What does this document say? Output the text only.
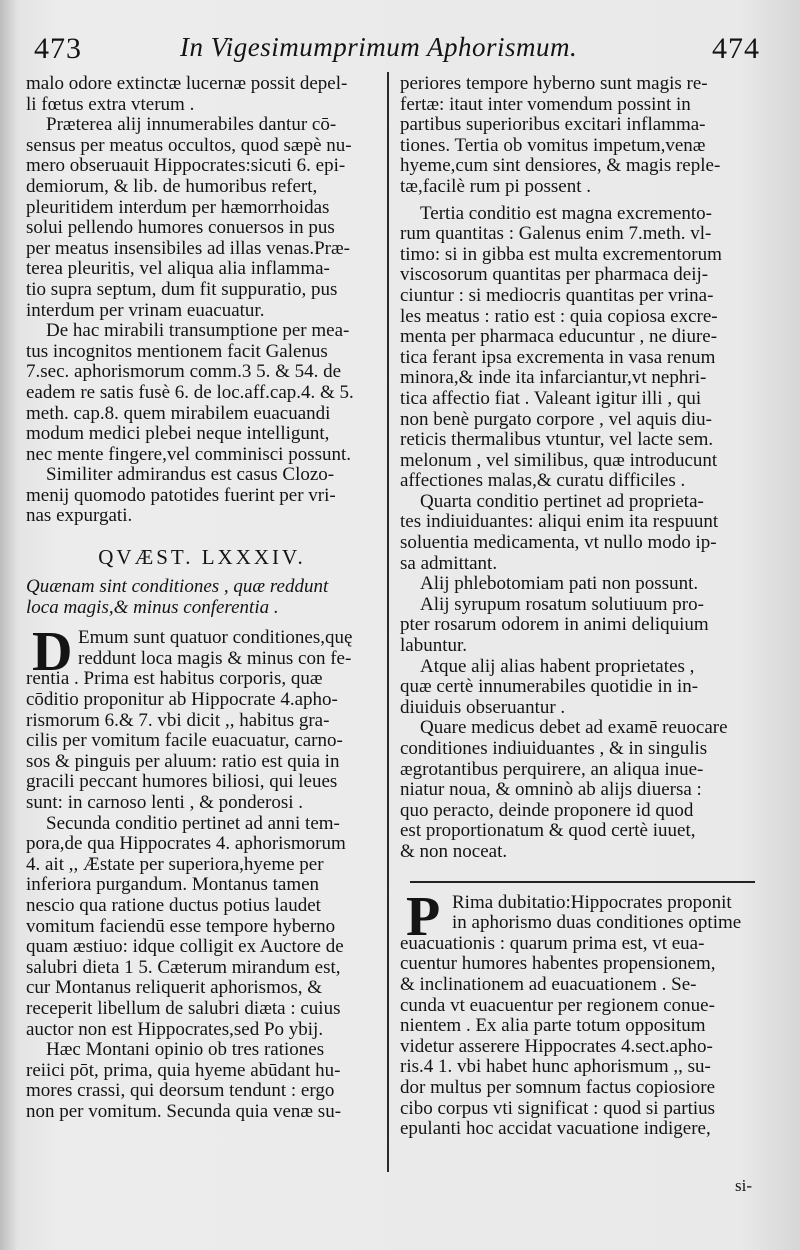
473	In Vigesimumprimum Aphorismum.	474
malo odore extinctæ lucernæ possit depel-
li fœtus extra vterum .
Præterea alij innumerabiles dantur cō-
sensus per meatus occultos, quod sæpè nu-
mero obseruauit Hippocrates:sicuti 6. epi-
demiorum, & lib. de humoribus refert,
pleuritidem interdum per hæmorrhoidas
solui pellendo humores conuersos in pus
per meatus insensibiles ad illas venas.Præ-
terea pleuritis, vel aliqua alia inflamma-
tio supra septum, dum fit suppuratio, pus
interdum per vrinam euacuatur.
De hac mirabili transumptione per mea-
tus incognitos mentionem facit Galenus
7.sec. aphorismorum comm.3 5. & 54. de
eadem re satis fusè 6. de loc.aff.cap.4. & 5.
meth. cap.8. quem mirabilem euacuandi
modum medici plebei neque intelligunt,
nec mente fingere,vel comminisci possunt.
Similiter admirandus est casus Clozo-
menij quomodo patotides fuerint per vri-
nas expurgati.
QVÆST. LXXXIV.
Quænam sint conditiones , quæ reddunt
loca magis,& minus conferentia .
D Emum sunt quatuor conditiones,quę
reddunt loca magis & minus con fe-
rentia . Prima est habitus corporis, quæ
cōditio proponitur ab Hippocrate 4.apho-
rismorum 6.& 7. vbi dicit ,, habitus gra-
cilis per vomitum facile euacuatur, carno-
sos & pinguis per aluum: ratio est quia in
gracili peccant humores biliosi, qui leues
sunt: in carnoso lenti , & ponderosi .
Secunda conditio pertinet ad anni tem-
pora,de qua Hippocrates 4. aphorismorum
4. ait ,, Æstate per superiora,hyeme per
inferiora purgandum. Montanus tamen
nescio qua ratione ductus potius laudet
vomitum faciendū esse tempore hyberno
quam æstiuo: idque colligit ex Auctore de
salubri dieta 1 5. Cæterum mirandum est,
cur Montanus reliquerit aphorismos, &
receperit libellum de salubri diæta : cuius
auctor non est Hippocrates,sed Po ybij.
Hæc Montani opinio ob tres rationes
reiici pōt, prima, quia hyeme abūdant hu-
mores crassi, qui deorsum tendunt : ergo
non per vomitum. Secunda quia venæ su-
periores tempore hyberno sunt magis re-
fertæ: itaut inter vomendum possint in
partibus superioribus excitari inflamma-
tiones. Tertia ob vomitus impetum,venæ
hyeme,cum sint densiores, & magis reple-
tæ,facilè rum pi possent .
Tertia conditio est magna excremento-
rum quantitas : Galenus enim 7.meth. vl-
timo: si in gibba est multa excrementorum
viscosorum quantitas per pharmaca deij-
ciuntur : si mediocris quantitas per vrina-
les meatus : ratio est : quia copiosa excre-
menta per pharmaca educuntur , ne diure-
tica ferant ipsa excrementa in vasa renum
minora,& inde ita infarciantur,vt nephri-
tica affectio fiat . Valeant igitur illi , qui
non benè purgato corpore , vel aquis diu-
reticis thermalibus vtuntur, vel lacte sem.
melonum , vel similibus, quæ introducunt
affectiones malas,& curatu difficiles .
Quarta conditio pertinet ad proprieta-
tes indiuiduantes: aliqui enim ita respuunt
soluentia medicamenta, vt nullo modo ip-
sa admittant.
Alij phlebotomiam pati non possunt.
Alij syrupum rosatum solutiuum pro-
pter rosarum odorem in animi deliquium
labuntur.
Atque alij alias habent proprietates ,
quæ certè innumerabiles quotidie in in-
diuiduis obseruantur .
Quare medicus debet ad examē reuocare
conditiones indiuiduantes , & in singulis
ægrotantibus perquirere, an aliqua inue-
niatur noua, & omninò ab alijs diuersa :
quo peracto, deinde proponere id quod
est proportionatum & quod certè iuuet,
& non noceat.
P Rima dubitatio:Hippocrates proponit
in aphorismo duas conditiones optime
euacuationis : quarum prima est, vt eua-
cuentur humores habentes propensionem,
& inclinationem ad euacuationem . Se-
cunda vt euacuentur per regionem conue-
nientem . Ex alia parte totum oppositum
videtur asserere Hippocrates 4.sect.apho-
ris.4 1. vbi habet hunc aphorismum ,, su-
dor multus per somnum factus copiosiore
cibo corpus vti significat : quod si partius
epulanti hoc accidat vacuatione indigere,
si-
